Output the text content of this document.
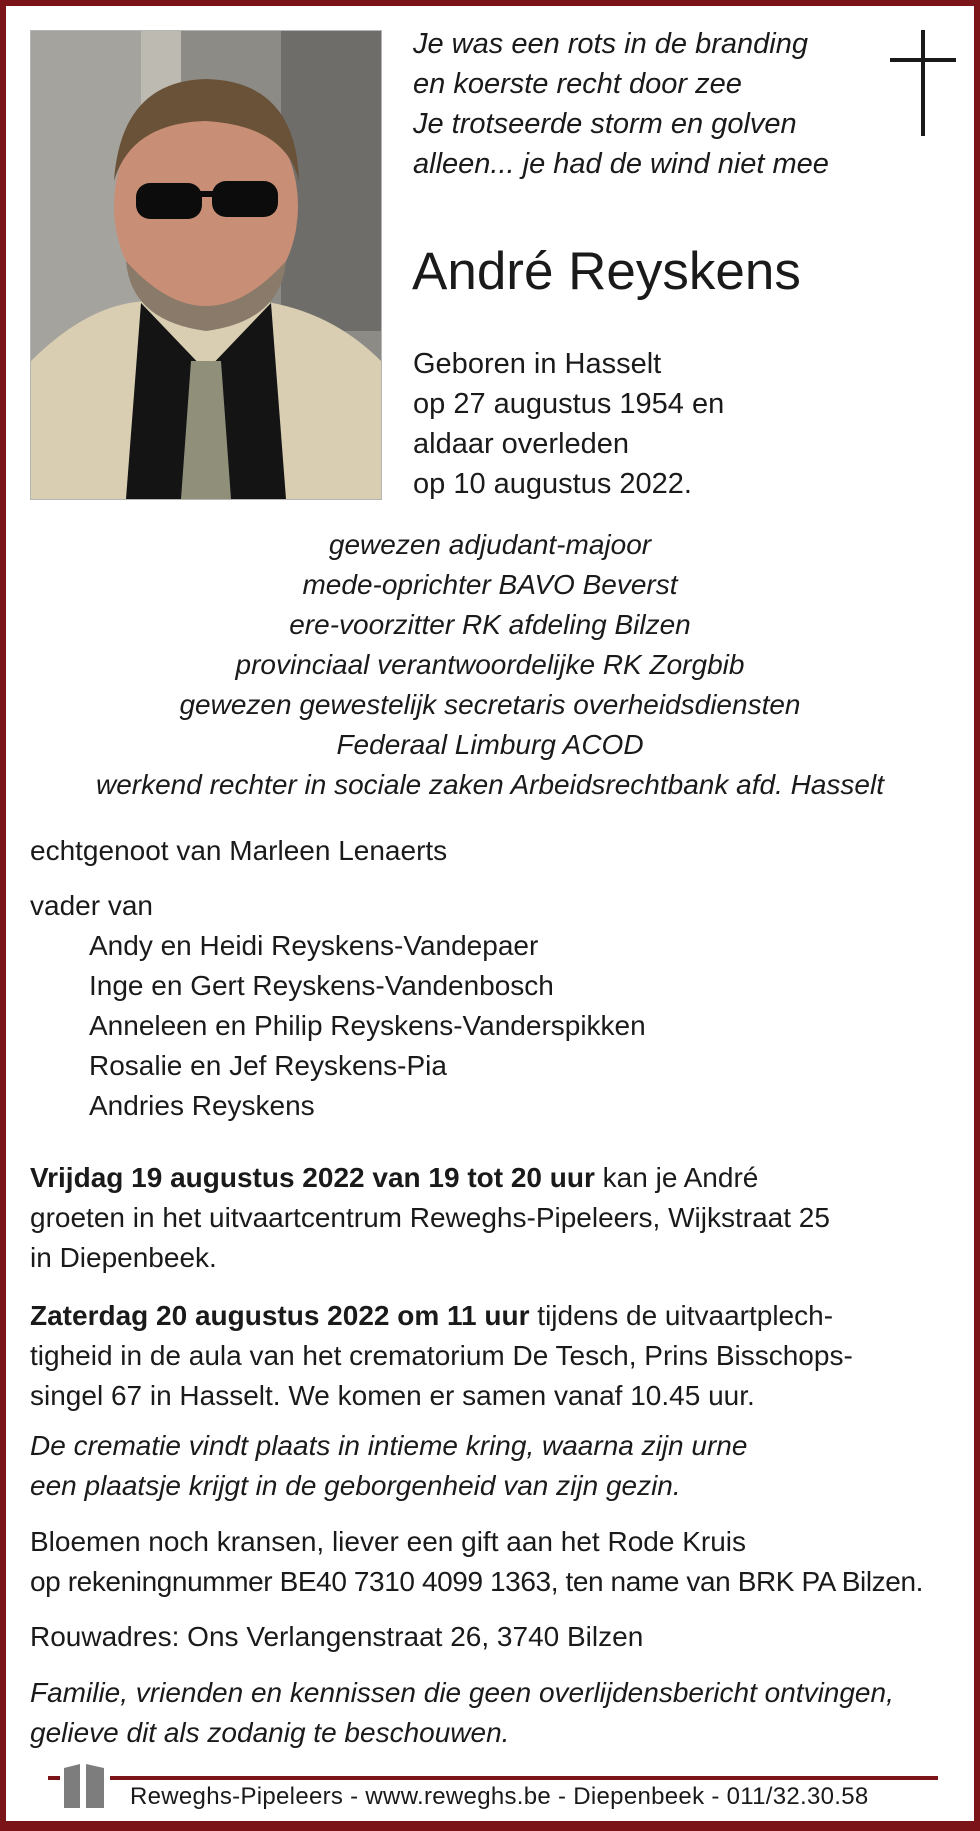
Je was een rots in de branding
en koerste recht door zee
Je trotseerde storm en golven
alleen... je had de wind niet mee
André Reyskens
Geboren in Hasselt
op 27 augustus 1954 en
aldaar overleden
op 10 augustus 2022.
gewezen adjudant-majoor
mede-oprichter BAVO Beverst
ere-voorzitter RK afdeling Bilzen
provinciaal verantwoordelijke RK Zorgbib
gewezen gewestelijk secretaris overheidsdiensten
Federaal Limburg ACOD
werkend rechter in sociale zaken Arbeidsrechtbank afd. Hasselt
echtgenoot van Marleen Lenaerts
vader van
Andy en Heidi Reyskens-Vandepaer
Inge en Gert Reyskens-Vandenbosch
Anneleen en Philip Reyskens-Vanderspikken
Rosalie en Jef Reyskens-Pia
Andries Reyskens
Vrijdag 19 augustus 2022 van 19 tot 20 uur kan je André
groeten in het uitvaartcentrum Reweghs-Pipeleers, Wijkstraat 25
in Diepenbeek.
Zaterdag 20 augustus 2022 om 11 uur tijdens de uitvaartplech-
tigheid in de aula van het crematorium De Tesch, Prins Bisschops-
singel 67 in Hasselt. We komen er samen vanaf 10.45 uur.
De crematie vindt plaats in intieme kring, waarna zijn urne
een plaatsje krijgt in de geborgenheid van zijn gezin.
Bloemen noch kransen, liever een gift aan het Rode Kruis
op rekeningnummer BE40 7310 4099 1363, ten name van BRK PA Bilzen.
Rouwadres: Ons Verlangenstraat 26, 3740 Bilzen
Familie, vrienden en kennissen die geen overlijdensbericht ontvingen,
gelieve dit als zodanig te beschouwen.
Reweghs-Pipeleers - www.reweghs.be - Diepenbeek - 011/32.30.58
